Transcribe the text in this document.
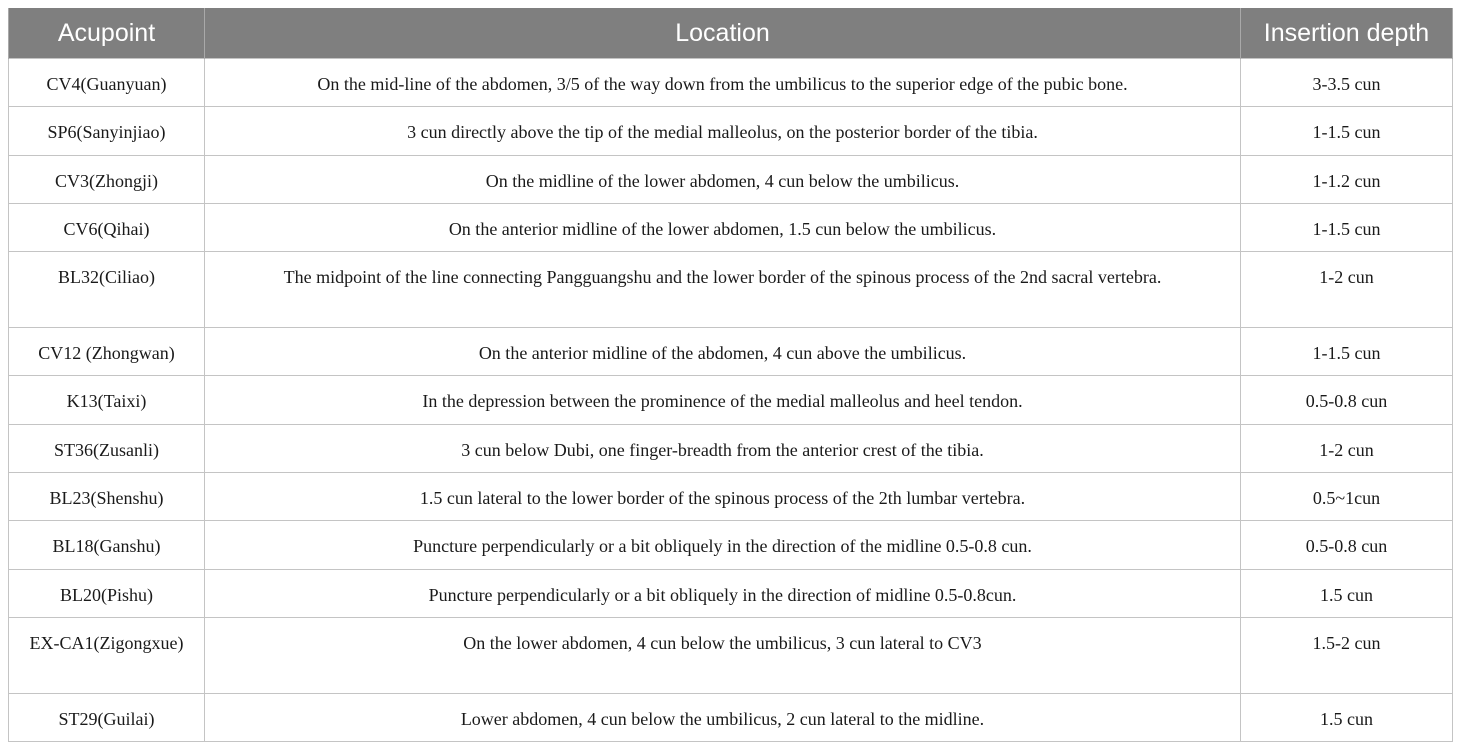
Acupoint	Location	Insertion depth
CV4(Guanyuan)	On the mid-line of the abdomen, 3/5 of the way down from the umbilicus to the superior edge of the pubic bone.	3-3.5 cun
SP6(Sanyinjiao)	3 cun directly above the tip of the medial malleolus, on the posterior border of the tibia.	1-1.5 cun
CV3(Zhongji)	On the midline of the lower abdomen, 4 cun below the umbilicus.	1-1.2 cun
CV6(Qihai)	On the anterior midline of the lower abdomen, 1.5 cun below the umbilicus.	1-1.5 cun
BL32(Ciliao)	The midpoint of the line connecting Pangguangshu and the lower border of the spinous process of the 2nd sacral vertebra.	1-2 cun
CV12 (Zhongwan)	On the anterior midline of the abdomen, 4 cun above the umbilicus.	1-1.5 cun
K13(Taixi)	In the depression between the prominence of the medial malleolus and heel tendon.	0.5-0.8 cun
ST36(Zusanli)	3 cun below Dubi, one finger-breadth from the anterior crest of the tibia.	1-2 cun
BL23(Shenshu)	1.5 cun lateral to the lower border of the spinous process of the 2th lumbar vertebra.	0.5~1cun
BL18(Ganshu)	Puncture perpendicularly or a bit obliquely in the direction of the midline 0.5-0.8 cun.	0.5-0.8 cun
BL20(Pishu)	Puncture perpendicularly or a bit obliquely in the direction of midline 0.5-0.8cun.	1.5 cun
EX-CA1(Zigongxue)	On the lower abdomen, 4 cun below the umbilicus, 3 cun lateral to CV3	1.5-2 cun
ST29(Guilai)	Lower abdomen, 4 cun below the umbilicus, 2 cun lateral to the midline.	1.5 cun
